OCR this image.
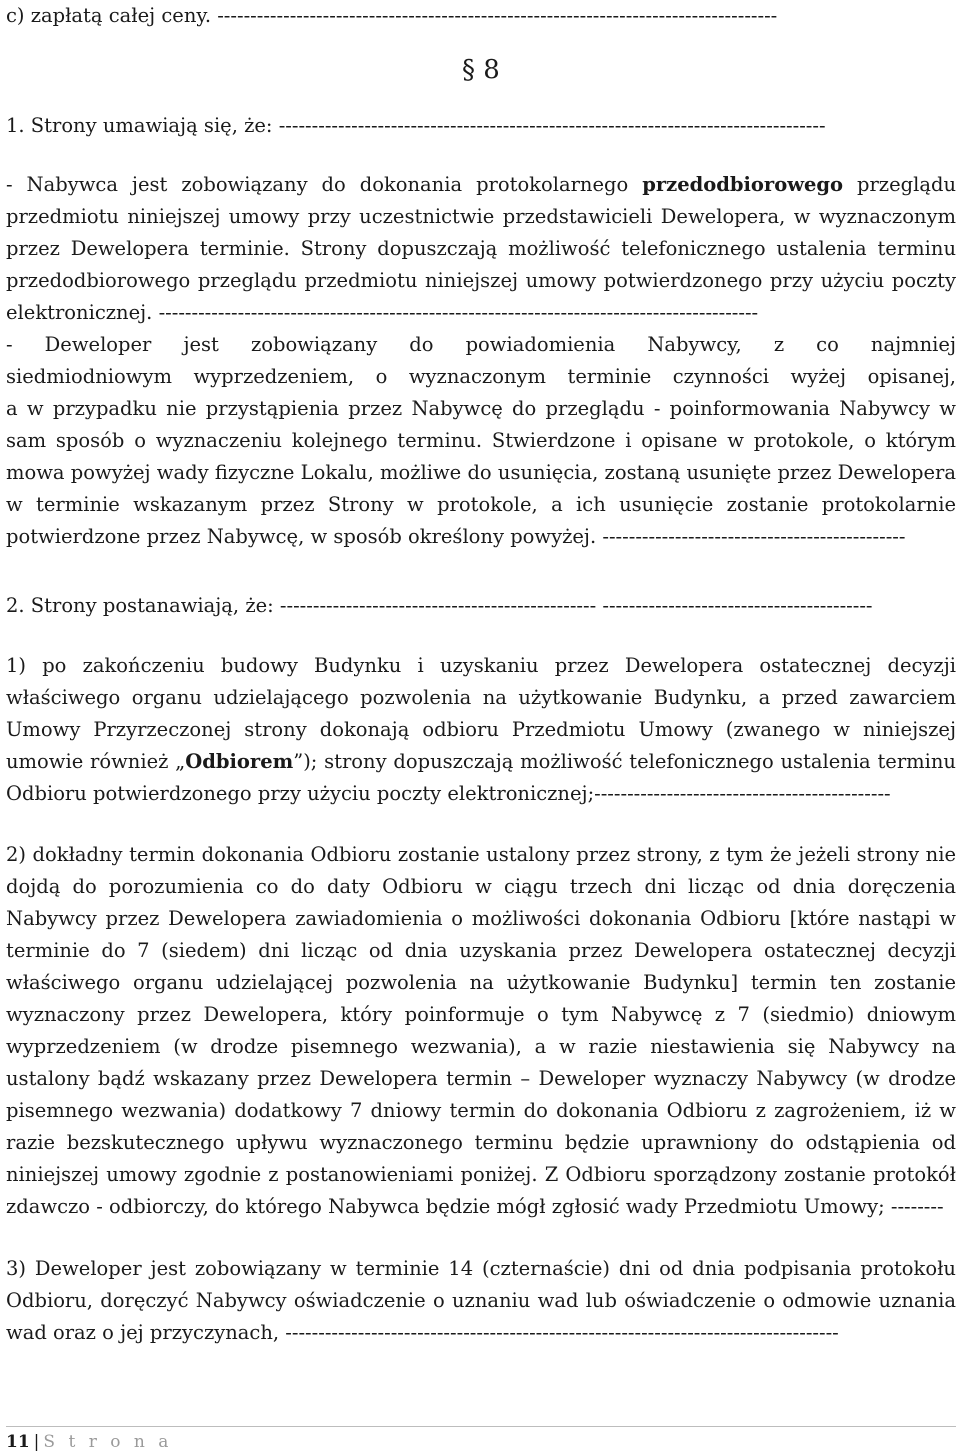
§ 8
c) zapłatą całej ceny. -------------------------------------------------------------------------------------
1. Strony umawiają się, że: -----------------------------------------------------------------------------------
- Nabywca jest zobowiązany do dokonania protokolarnego przedodbiorowego przeglądu
przedmiotu niniejszej umowy przy uczestnictwie przedstawicieli Dewelopera, w wyznaczonym
przez Dewelopera terminie. Strony dopuszczają możliwość telefonicznego ustalenia terminu
przedodbiorowego przeglądu przedmiotu niniejszej umowy potwierdzonego przy użyciu poczty
elektronicznej. -------------------------------------------------------------------------------------------
- Deweloper jest zobowiązany do powiadomienia Nabywcy, z co najmniej
siedmiodniowym wyprzedzeniem, o wyznaczonym terminie czynności wyżej opisanej,
a w przypadku nie przystąpienia przez Nabywcę do przeglądu - poinformowania Nabywcy w
sam sposób o wyznaczeniu kolejnego terminu. Stwierdzone i opisane w protokole, o którym
mowa powyżej wady fizyczne Lokalu, możliwe do usunięcia, zostaną usunięte przez Dewelopera
w terminie wskazanym przez Strony w protokole, a ich usunięcie zostanie protokolarnie
potwierdzone przez Nabywcę, w sposób określony powyżej. ----------------------------------------------
2. Strony postanawiają, że: ------------------------------------------------ -----------------------------------------
1) po zakończeniu budowy Budynku i uzyskaniu przez Dewelopera ostatecznej decyzji
właściwego organu udzielającego pozwolenia na użytkowanie Budynku, a przed zawarciem
Umowy Przyrzeczonej strony dokonają odbioru Przedmiotu Umowy (zwanego w niniejszej
umowie również „Odbiorem”); strony dopuszczają możliwość telefonicznego ustalenia terminu
Odbioru potwierdzonego przy użyciu poczty elektronicznej;---------------------------------------------
2) dokładny termin dokonania Odbioru zostanie ustalony przez strony, z tym że jeżeli strony nie
dojdą do porozumienia co do daty Odbioru w ciągu trzech dni licząc od dnia doręczenia
Nabywcy przez Dewelopera zawiadomienia o możliwości dokonania Odbioru [które nastąpi w
terminie do 7 (siedem) dni licząc od dnia uzyskania przez Dewelopera ostatecznej decyzji
właściwego organu udzielającej pozwolenia na użytkowanie Budynku] termin ten zostanie
wyznaczony przez Dewelopera, który poinformuje o tym Nabywcę z 7 (siedmio) dniowym
wyprzedzeniem (w drodze pisemnego wezwania), a w razie niestawienia się Nabywcy na
ustalony bądź wskazany przez Dewelopera termin – Deweloper wyznaczy Nabywcy (w drodze
pisemnego wezwania) dodatkowy 7 dniowy termin do dokonania Odbioru z zagrożeniem, iż w
razie bezskutecznego upływu wyznaczonego terminu będzie uprawniony do odstąpienia od
niniejszej umowy zgodnie z postanowieniami poniżej. Z Odbioru sporządzony zostanie protokół
zdawczo - odbiorczy, do którego Nabywca będzie mógł zgłosić wady Przedmiotu Umowy; --------
3) Deweloper jest zobowiązany w terminie 14 (czternaście) dni od dnia podpisania protokołu
Odbioru, doręczyć Nabywcy oświadczenie o uznaniu wad lub oświadczenie o odmowie uznania
wad oraz o jej przyczynach, ------------------------------------------------------------------------------------
11 | S t r o n a
